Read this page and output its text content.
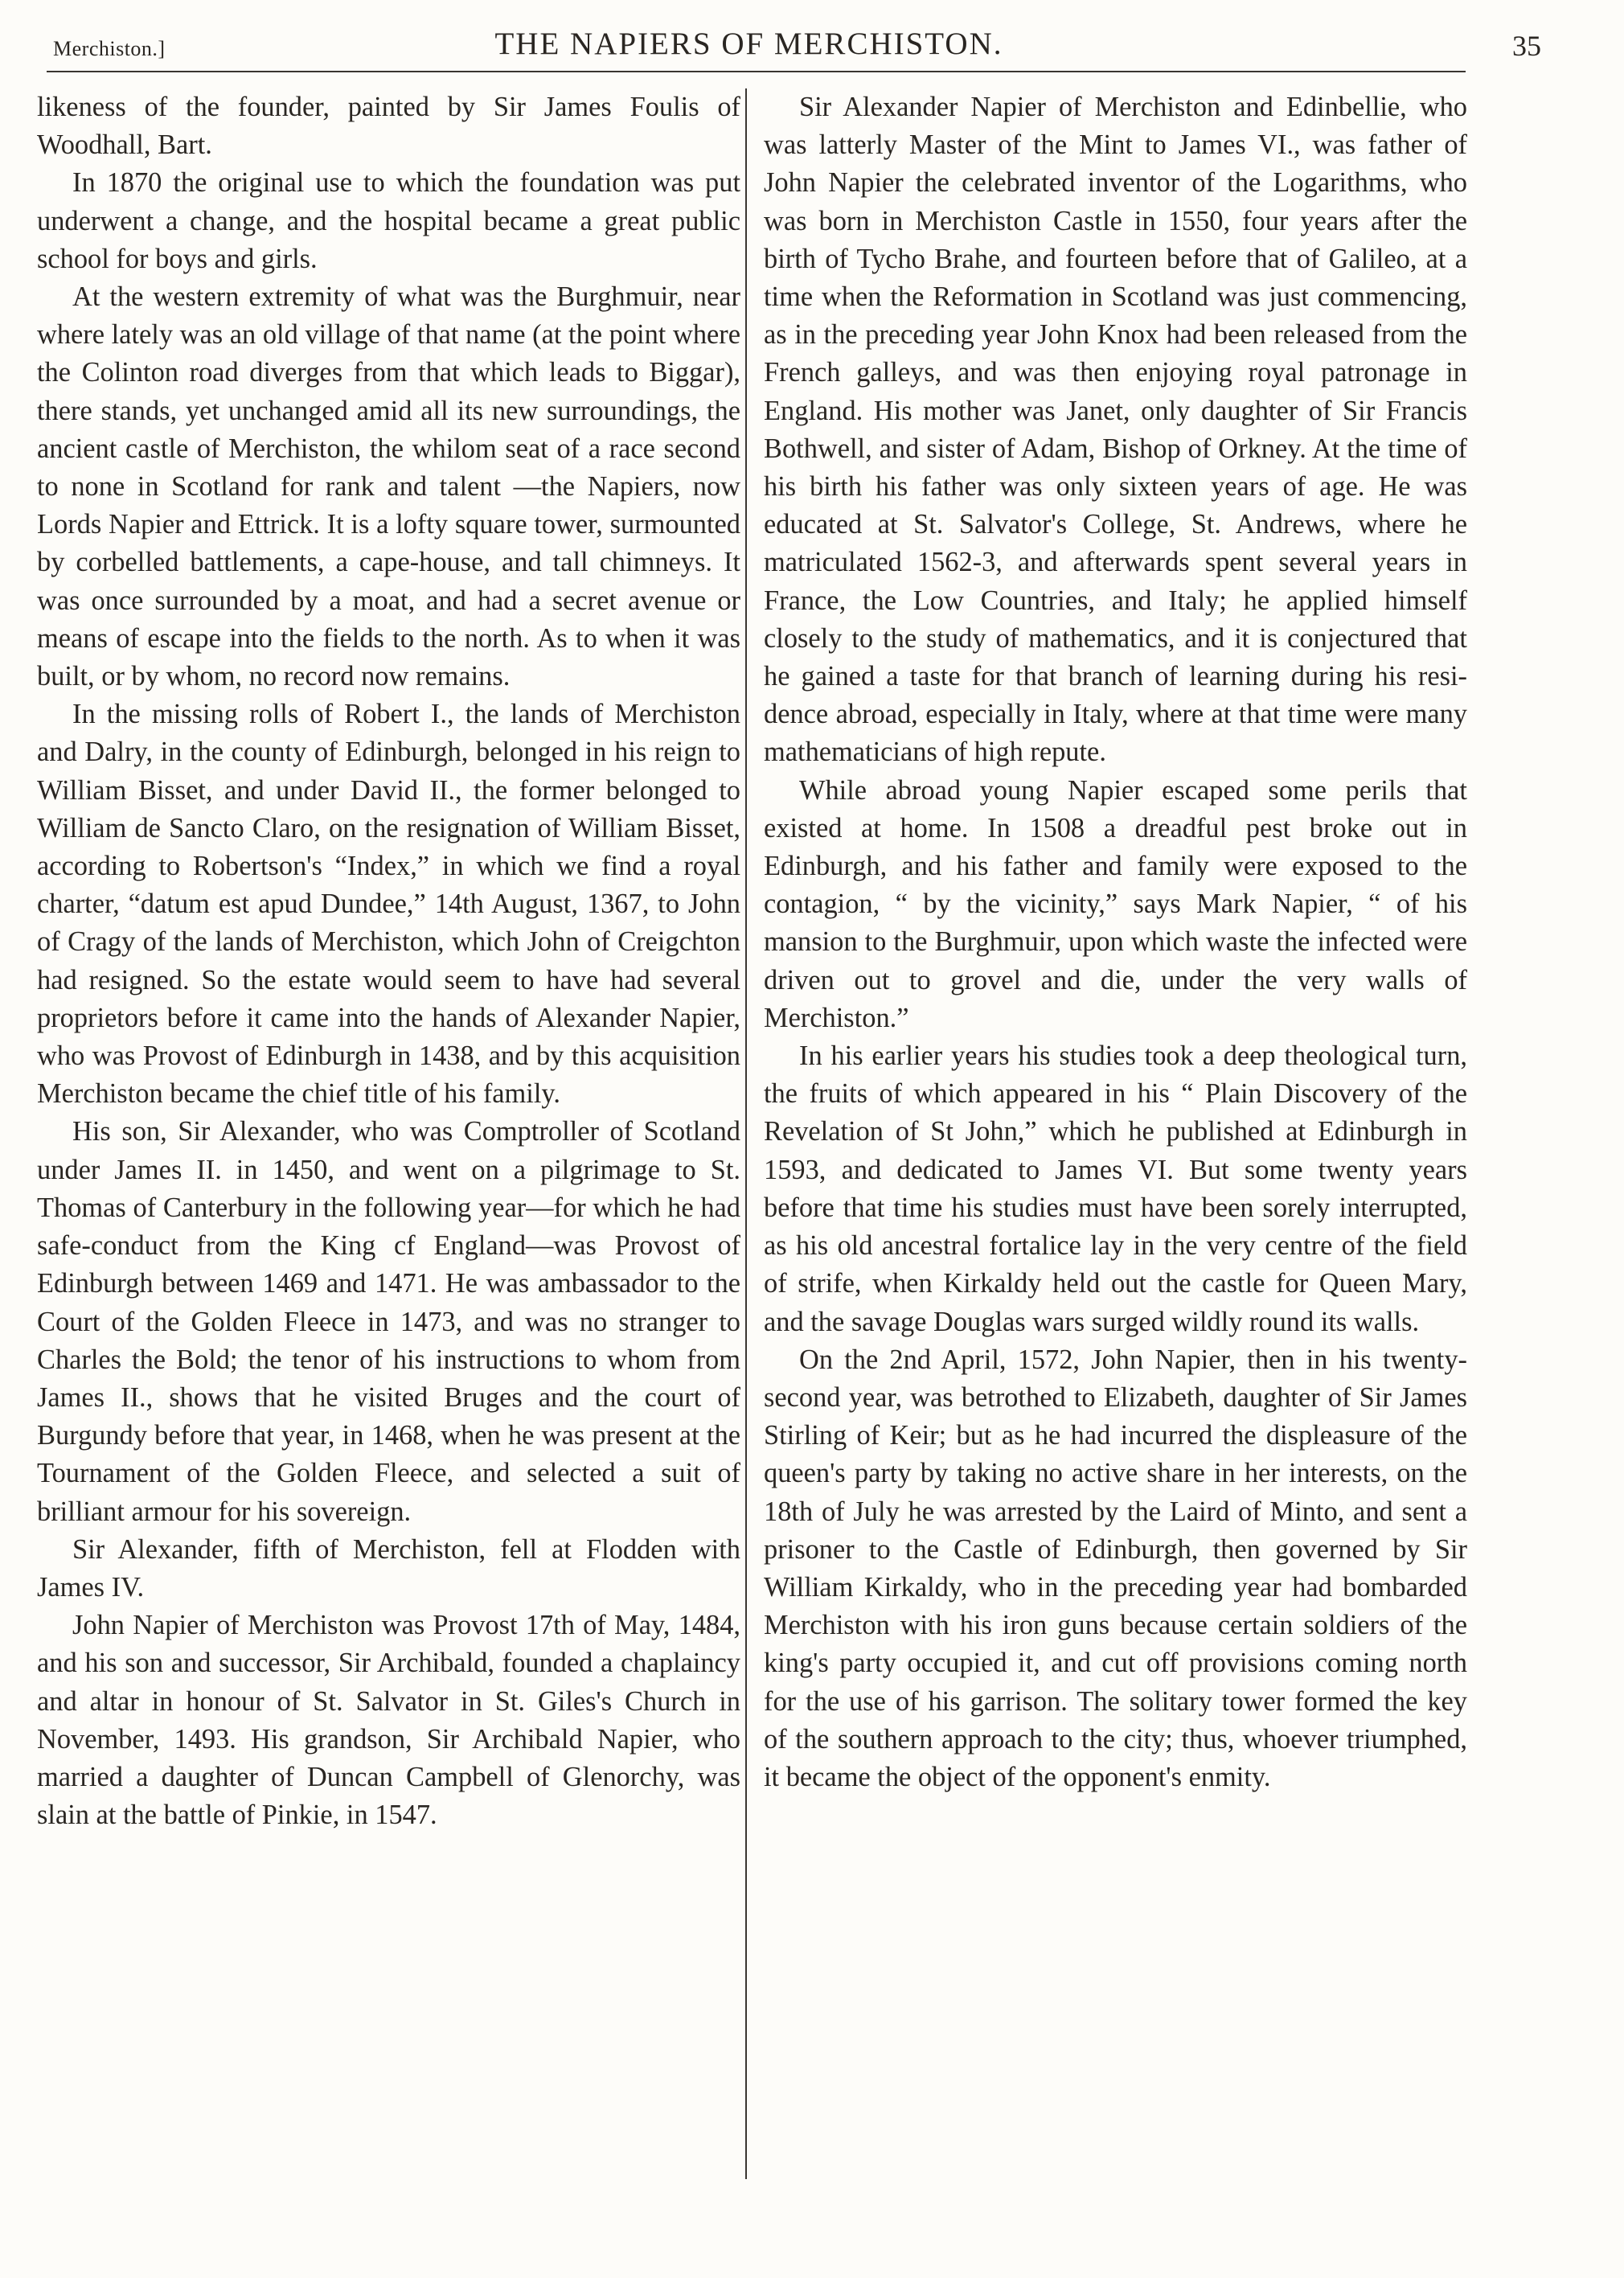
Merchiston.]	THE NAPIERS OF MERCHISTON.	35

likeness of the founder, painted by Sir James Foulis of Woodhall, Bart.

In 1870 the original use to which the foundation was put underwent a change, and the hospital became a great public school for boys and girls.

At the western extremity of what was the Burghmuir, near where lately was an old village of that name (at the point where the Colinton road diverges from that which leads to Biggar), there stands, yet unchanged amid all its new surroundings, the ancient castle of Merchiston, the whilom seat of a race second to none in Scotland for rank and talent —the Napiers, now Lords Napier and Ettrick. It is a lofty square tower, surmounted by corbelled battlements, a cape-house, and tall chimneys. It was once surrounded by a moat, and had a secret avenue or means of escape into the fields to the north. As to when it was built, or by whom, no record now remains.

In the missing rolls of Robert I., the lands of Merchiston and Dalry, in the county of Edinburgh, belonged in his reign to William Bisset, and under David II., the former belonged to William de Sancto Claro, on the resignation of William Bisset, according to Robertson's “Index,” in which we find a royal charter, “datum est apud Dundee,” 14th August, 1367, to John of Cragy of the lands of Merchiston, which John of Creigchton had resigned. So the estate would seem to have had several proprietors before it came into the hands of Alexander Napier, who was Provost of Edinburgh in 1438, and by this acquisition Merchiston became the chief title of his family.

His son, Sir Alexander, who was Comptroller of Scotland under James II. in 1450, and went on a pilgrimage to St. Thomas of Canterbury in the following year—for which he had safe-conduct from the King cf England—was Provost of Edinburgh between 1469 and 1471. He was ambassador to the Court of the Golden Fleece in 1473, and was no stranger to Charles the Bold; the tenor of his instructions to whom from James II., shows that he visited Bruges and the court of Burgundy before that year, in 1468, when he was present at the Tournament of the Golden Fleece, and selected a suit of brilliant armour for his sovereign.

Sir Alexander, fifth of Merchiston, fell at Flodden with James IV.

John Napier of Merchiston was Provost 17th of May, 1484, and his son and successor, Sir Archibald, founded a chaplaincy and altar in honour of St. Salvator in St. Giles's Church in November, 1493. His grandson, Sir Archibald Napier, who married a daughter of Duncan Campbell of Glenorchy, was slain at the battle of Pinkie, in 1547.

Sir Alexander Napier of Merchiston and Edinbellie, who was latterly Master of the Mint to James VI., was father of John Napier the celebrated inventor of the Logarithms, who was born in Merchiston Castle in 1550, four years after the birth of Tycho Brahe, and fourteen before that of Galileo, at a time when the Reformation in Scotland was just commencing, as in the preceding year John Knox had been released from the French galleys, and was then enjoying royal patronage in England. His mother was Janet, only daughter of Sir Francis Bothwell, and sister of Adam, Bishop of Orkney. At the time of his birth his father was only sixteen years of age. He was educated at St. Salvator's College, St. Andrews, where he matriculated 1562-3, and afterwards spent several years in France, the Low Countries, and Italy; he applied himself closely to the study of mathematics, and it is conjectured that he gained a taste for that branch of learning during his residence abroad, especially in Italy, where at that time were many mathematicians of high repute.

While abroad young Napier escaped some perils that existed at home. In 1508 a dreadful pest broke out in Edinburgh, and his father and family were exposed to the contagion, “ by the vicinity,” says Mark Napier, “ of his mansion to the Burghmuir, upon which waste the infected were driven out to grovel and die, under the very walls of Merchiston.”

In his earlier years his studies took a deep theological turn, the fruits of which appeared in his “ Plain Discovery of the Revelation of St John,” which he published at Edinburgh in 1593, and dedicated to James VI. But some twenty years before that time his studies must have been sorely interrupted, as his old ancestral fortalice lay in the very centre of the field of strife, when Kirkaldy held out the castle for Queen Mary, and the savage Douglas wars surged wildly round its walls.

On the 2nd April, 1572, John Napier, then in his twenty-second year, was betrothed to Elizabeth, daughter of Sir James Stirling of Keir; but as he had incurred the displeasure of the queen's party by taking no active share in her interests, on the 18th of July he was arrested by the Laird of Minto, and sent a prisoner to the Castle of Edinburgh, then governed by Sir William Kirkaldy, who in the preceding year had bombarded Merchiston with his iron guns because certain soldiers of the king's party occupied it, and cut off provisions coming north for the use of his garrison. The solitary tower formed the key of the southern approach to the city; thus, whoever triumphed, it became the object of the opponent's enmity.
